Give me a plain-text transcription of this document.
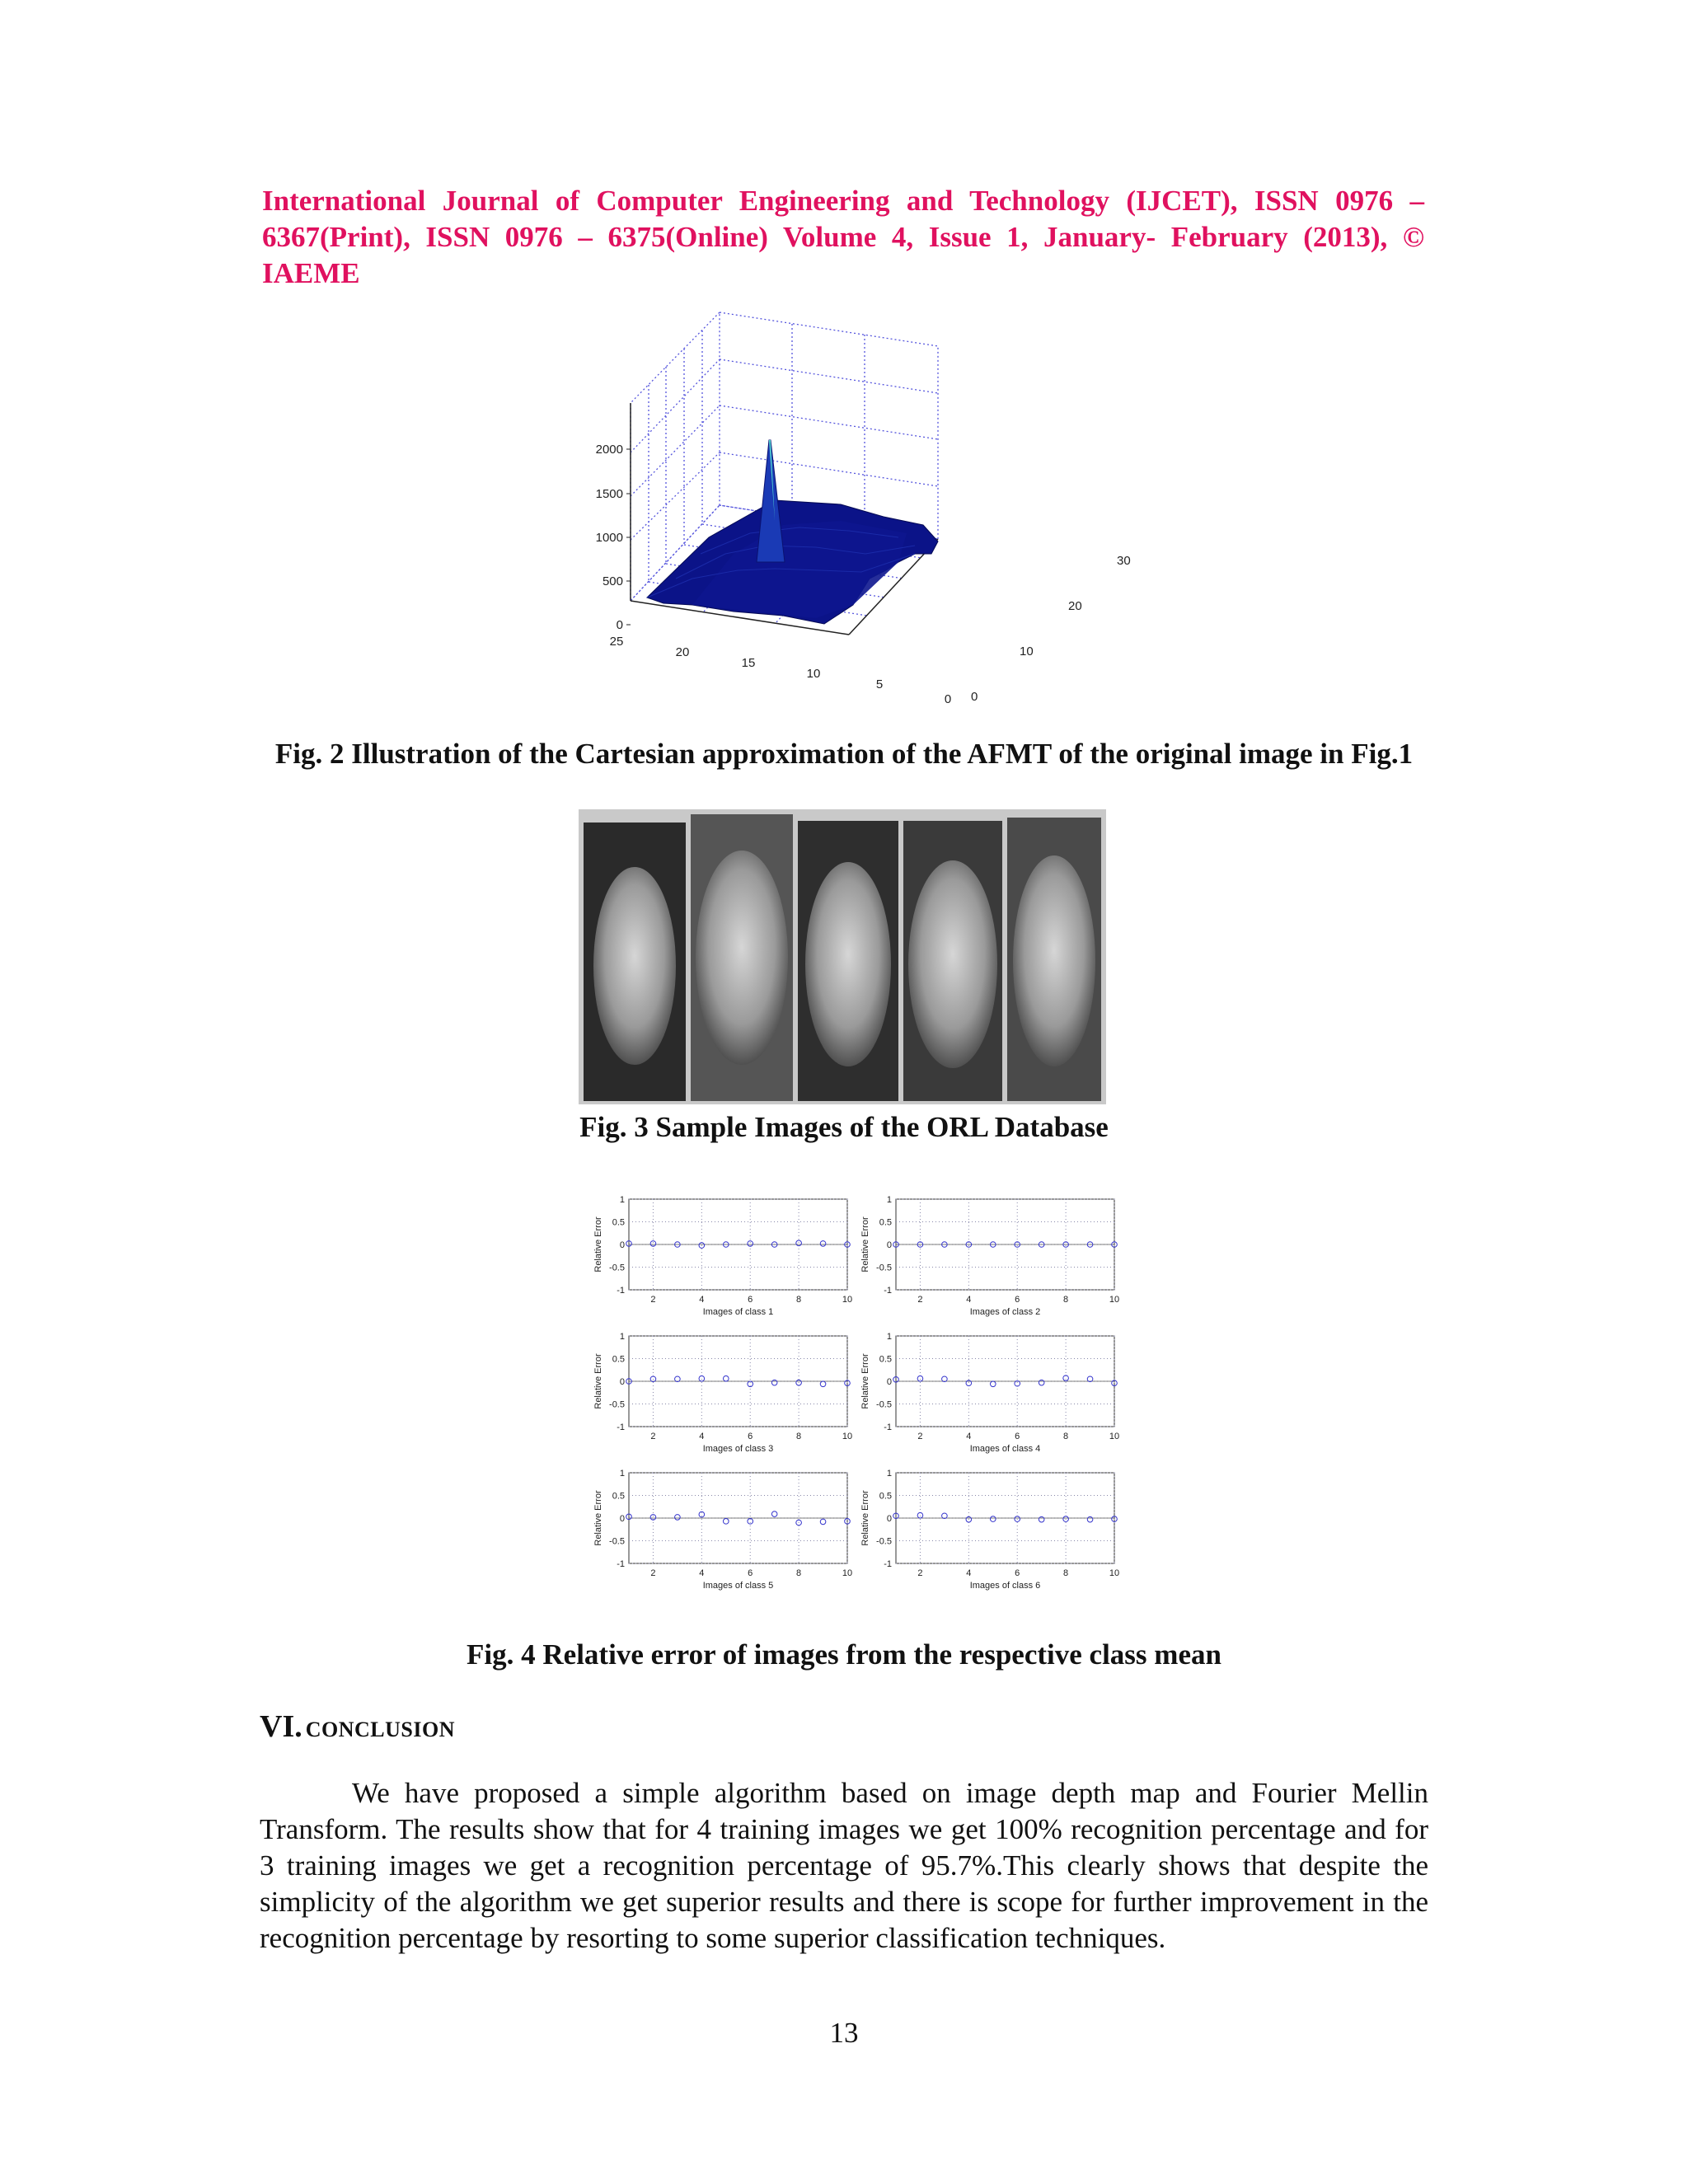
International Journal of Computer Engineering and Technology (IJCET), ISSN 0976 –
6367(Print), ISSN 0976 – 6375(Online) Volume 4, Issue 1, January- February (2013), © IAEME
2000
1500
1000
500
0
25
20
15
10
5
0 0
10
20
30
Fig. 2 Illustration of the Cartesian approximation of the AFMT of the original image in Fig.1
Fig. 3 Sample Images of the ORL Database
2	4	6	8	10
1
0.5
0
-0.5
-1
Images of class 1
Relative Error
2	4	6	8	10
1
0.5
0
-0.5
-1
Images of class 2
Relative Error
2	4	6	8	10
1
0.5
0
-0.5
-1
Images of class 3
Relative Error
2	4	6	8	10
1
0.5
0
-0.5
-1
Images of class 4
Relative Error
2	4	6	8	10
1
0.5
0
-0.5
-1
Images of class 5
Relative Error
2	4	6	8	10
1
0.5
0
-0.5
-1
Images of class 6
Relative Error
Fig. 4 Relative error of images from the respective class mean
VI. CONCLUSION

We have proposed a simple algorithm based on image depth map and Fourier Mellin Transform. The results show that for 4 training images we get 100% recognition percentage and for 3 training images we get a recognition percentage of 95.7%.This clearly shows that despite the simplicity of the algorithm we get superior results and there is scope for further improvement in the recognition percentage by resorting to some superior classification techniques.

13
